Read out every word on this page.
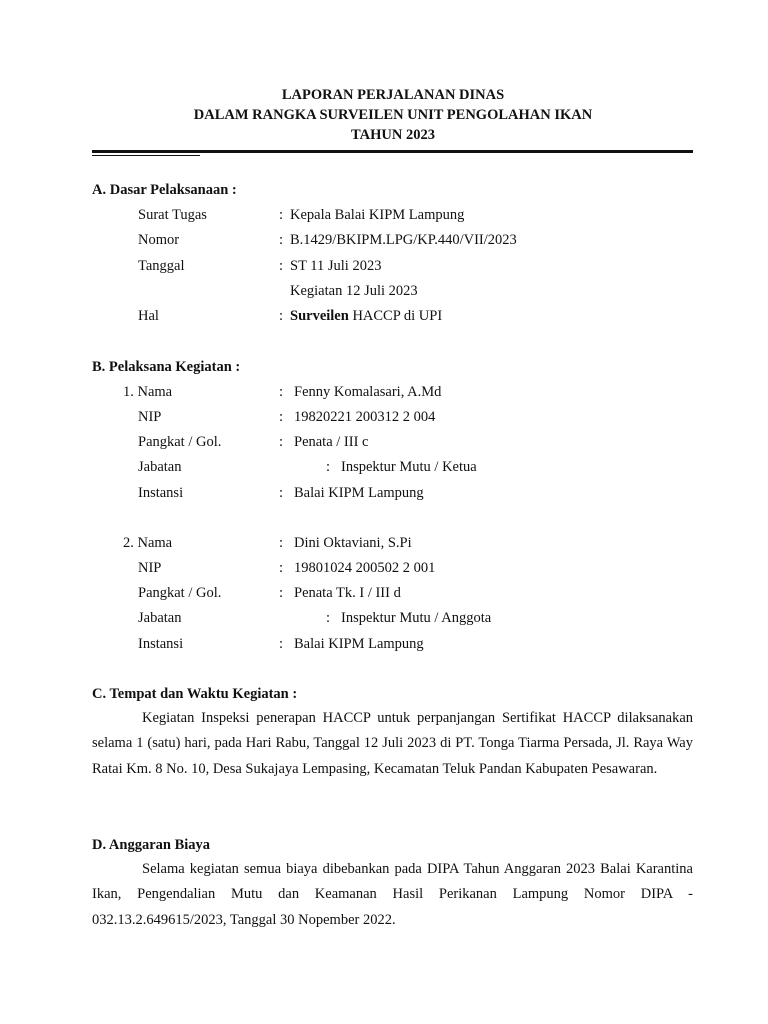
LAPORAN PERJALANAN DINAS
DALAM RANGKA SURVEILEN UNIT PENGOLAHAN IKAN
TAHUN 2023
A. Dasar Pelaksanaan :
Surat Tugas	: Kepala Balai KIPM Lampung
Nomor	: B.1429/BKIPM.LPG/KP.440/VII/2023
Tanggal	: ST 11 Juli 2023
Kegiatan 12 Juli 2023
Hal	: Surveilen HACCP di UPI
B. Pelaksana Kegiatan :
1. Nama	: Fenny Komalasari, A.Md
NIP	: 19820221 200312 2 004
Pangkat / Gol.	: Penata / III c
Jabatan	: Inspektur Mutu / Ketua
Instansi	: Balai KIPM Lampung
2. Nama	: Dini Oktaviani, S.Pi
NIP	: 19801024 200502 2 001
Pangkat / Gol.	: Penata Tk. I / III d
Jabatan	: Inspektur Mutu / Anggota
Instansi	: Balai KIPM Lampung
C. Tempat dan Waktu Kegiatan :
Kegiatan Inspeksi penerapan HACCP untuk perpanjangan Sertifikat HACCP dilaksanakan selama 1 (satu) hari, pada Hari Rabu, Tanggal 12 Juli 2023 di PT. Tonga Tiarma Persada, Jl. Raya Way Ratai Km. 8 No. 10, Desa Sukajaya Lempasing, Kecamatan Teluk Pandan Kabupaten Pesawaran.
D. Anggaran Biaya
Selama kegiatan semua biaya dibebankan pada DIPA Tahun Anggaran 2023 Balai Karantina Ikan, Pengendalian Mutu dan Keamanan Hasil Perikanan Lampung Nomor DIPA - 032.13.2.649615/2023, Tanggal 30 Nopember 2022.
